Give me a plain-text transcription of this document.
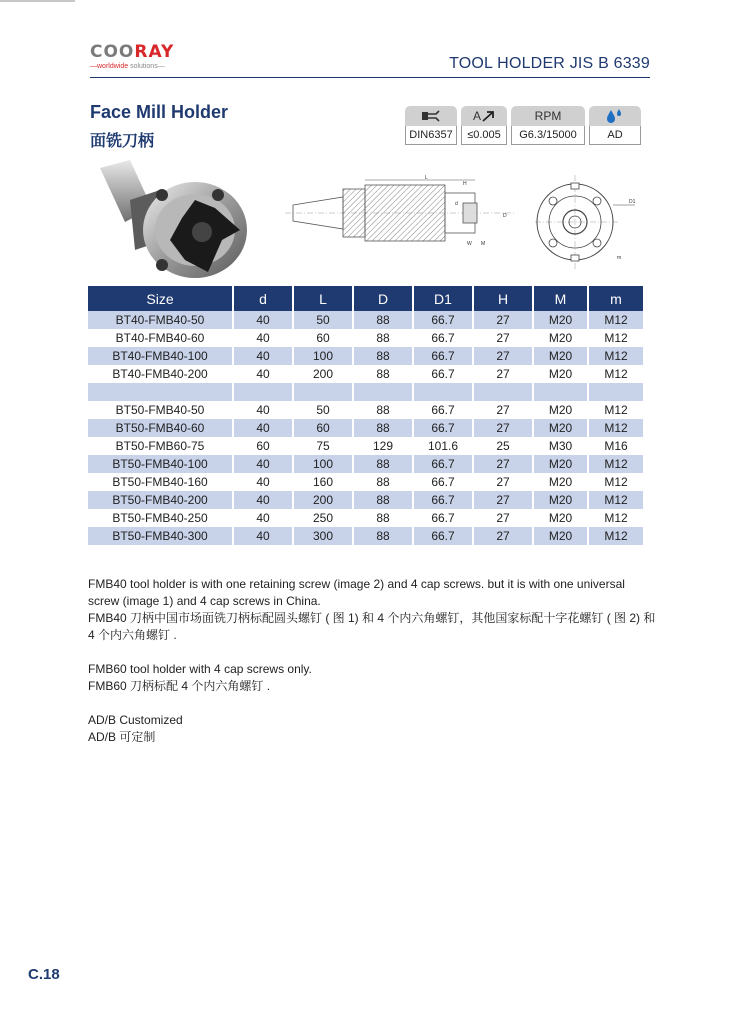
COORAY
—worldwide solutions—	TOOL HOLDER JIS B 6339
Face Mill Holder
面铣刀柄	DIN6357
A
≤0.005
RPM
G6.3/15000	AD
L
H
d
D
W M
D1
m
Size	d	L	D	D1	H	M	m
BT40-FMB40-50	40	50	88	66.7	27	M20	M12
BT40-FMB40-60	40	60	88	66.7	27	M20	M12
BT40-FMB40-100	40	100	88	66.7	27	M20	M12
BT40-FMB40-200	40	200	88	66.7	27	M20	M12

BT50-FMB40-50	40	50	88	66.7	27	M20	M12
BT50-FMB40-60	40	60	88	66.7	27	M20	M12
BT50-FMB60-75	60	75	129	101.6	25	M30	M16
BT50-FMB40-100	40	100	88	66.7	27	M20	M12
BT50-FMB40-160	40	160	88	66.7	27	M20	M12
BT50-FMB40-200	40	200	88	66.7	27	M20	M12
BT50-FMB40-250	40	250	88	66.7	27	M20	M12
BT50-FMB40-300	40	300	88	66.7	27	M20	M12

FMB40 tool holder is with one retaining screw (image 2) and 4 cap screws. but it is with one universal screw (image 1) and 4 cap screws in China.
FMB40 刀柄中国市场面铣刀柄标配圆头螺钉 ( 图 1) 和 4 个内六角螺钉，其他国家标配十字花螺钉 ( 图 2) 和 4 个内六角螺钉 .

FMB60 tool holder with 4 cap screws only.
FMB60 刀柄标配 4 个内六角螺钉 .

AD/B Customized
AD/B 可定制

C.18
